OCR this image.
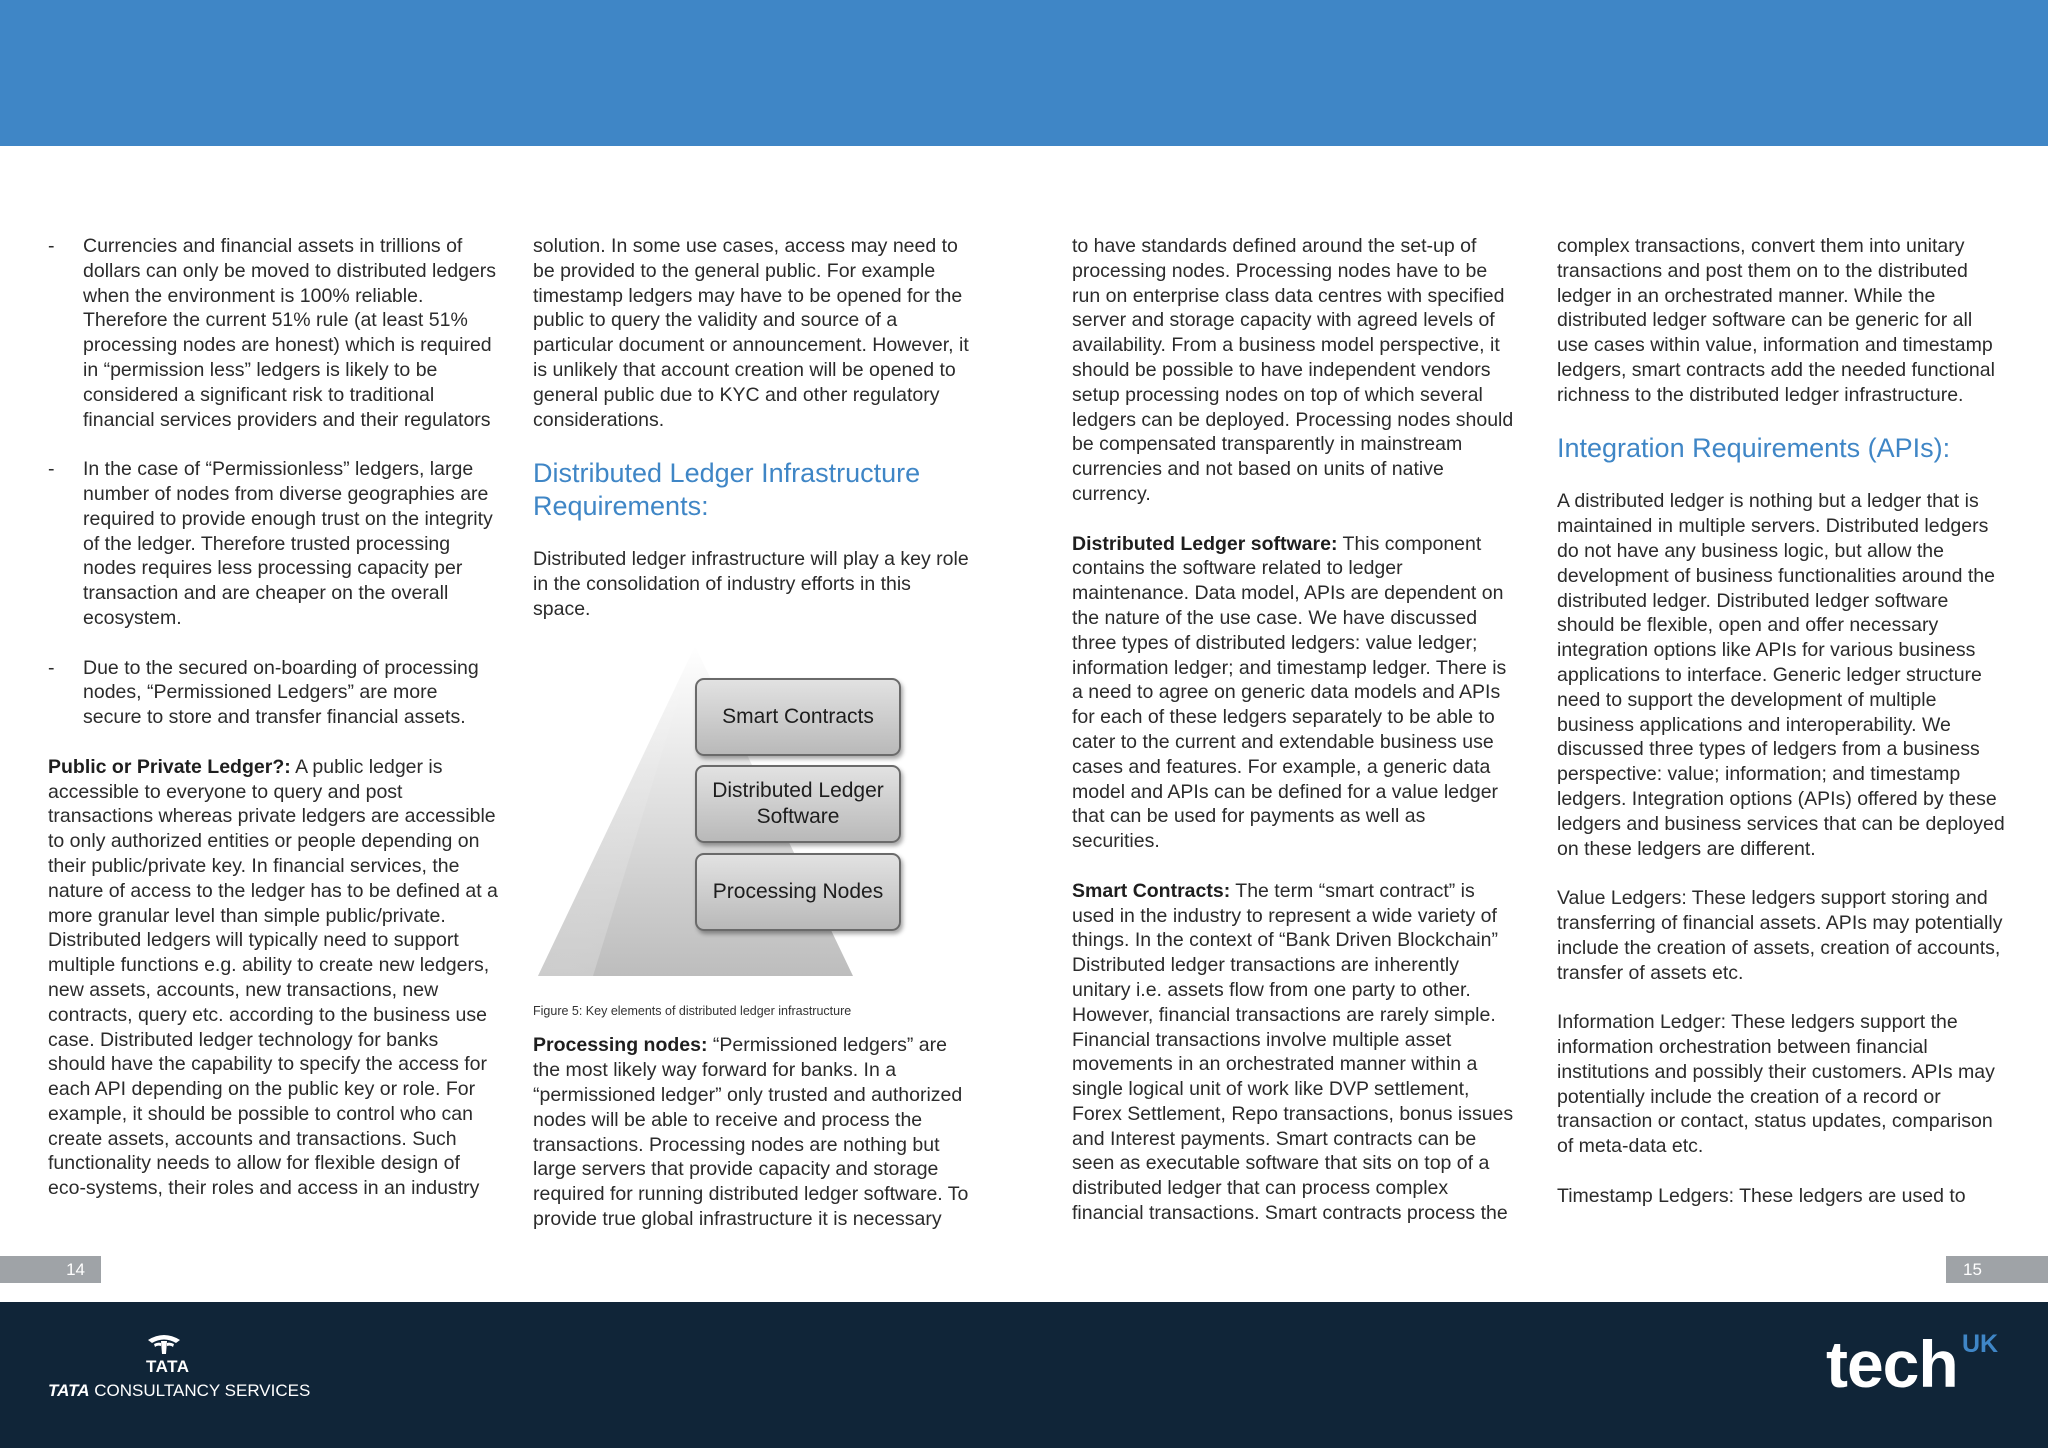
- Currencies and financial assets in trillions of dollars can only be moved to distributed ledgers when the environment is 100% reliable. Therefore the current 51% rule (at least 51% processing nodes are honest) which is required in “permission less” ledgers is likely to be considered a significant risk to traditional financial services providers and their regulators
- In the case of “Permissionless” ledgers, large number of nodes from diverse geographies are required to provide enough trust on the integrity of the ledger. Therefore trusted processing nodes requires less processing capacity per transaction and are cheaper on the overall ecosystem.
- Due to the secured on-boarding of processing nodes, “Permissioned Ledgers” are more secure to store and transfer financial assets.

Public or Private Ledger?: A public ledger is accessible to everyone to query and post transactions whereas private ledgers are accessible to only authorized entities or people depending on their public/private key. In financial services, the nature of access to the ledger has to be defined at a more granular level than simple public/private. Distributed ledgers will typically need to support multiple functions e.g. ability to create new ledgers, new assets, accounts, new transactions, new contracts, query etc. according to the business use case. Distributed ledger technology for banks should have the capability to specify the access for each API depending on the public key or role. For example, it should be possible to control who can create assets, accounts and transactions. Such functionality needs to allow for flexible design of eco-systems, their roles and access in an industry

solution. In some use cases, access may need to be provided to the general public. For example timestamp ledgers may have to be opened for the public to query the validity and source of a particular document or announcement. However, it is unlikely that account creation will be opened to general public due to KYC and other regulatory considerations.

Distributed Ledger Infrastructure Requirements:

Distributed ledger infrastructure will play a key role in the consolidation of industry efforts in this space.

Smart Contracts
Distributed Ledger Software
Processing Nodes

Figure 5: Key elements of distributed ledger infrastructure

Processing nodes: “Permissioned ledgers” are the most likely way forward for banks. In a “permissioned ledger” only trusted and authorized nodes will be able to receive and process the transactions. Processing nodes are nothing but large servers that provide capacity and storage required for running distributed ledger software. To provide true global infrastructure it is necessary

to have standards defined around the set-up of processing nodes. Processing nodes have to be run on enterprise class data centres with specified server and storage capacity with agreed levels of availability. From a business model perspective, it should be possible to have independent vendors setup processing nodes on top of which several ledgers can be deployed. Processing nodes should be compensated transparently in mainstream currencies and not based on units of native currency.

Distributed Ledger software: This component contains the software related to ledger maintenance. Data model, APIs are dependent on the nature of the use case. We have discussed three types of distributed ledgers: value ledger; information ledger; and timestamp ledger. There is a need to agree on generic data models and APIs for each of these ledgers separately to be able to cater to the current and extendable business use cases and features. For example, a generic data model and APIs can be defined for a value ledger that can be used for payments as well as securities.

Smart Contracts: The term “smart contract” is used in the industry to represent a wide variety of things. In the context of “Bank Driven Blockchain” Distributed ledger transactions are inherently unitary i.e. assets flow from one party to other. However, financial transactions are rarely simple. Financial transactions involve multiple asset movements in an orchestrated manner within a single logical unit of work like DVP settlement, Forex Settlement, Repo transactions, bonus issues and Interest payments. Smart contracts can be seen as executable software that sits on top of a distributed ledger that can process complex financial transactions. Smart contracts process the

complex transactions, convert them into unitary transactions and post them on to the distributed ledger in an orchestrated manner. While the distributed ledger software can be generic for all use cases within value, information and timestamp ledgers, smart contracts add the needed functional richness to the distributed ledger infrastructure.

Integration Requirements (APIs):

A distributed ledger is nothing but a ledger that is maintained in multiple servers. Distributed ledgers do not have any business logic, but allow the development of business functionalities around the distributed ledger. Distributed ledger software should be flexible, open and offer necessary integration options like APIs for various business applications to interface. Generic ledger structure need to support the development of multiple business applications and interoperability. We discussed three types of ledgers from a business perspective: value; information; and timestamp ledgers. Integration options (APIs) offered by these ledgers and business services that can be deployed on these ledgers are different.

Value Ledgers: These ledgers support storing and transferring of financial assets. APIs may potentially include the creation of assets, creation of accounts, transfer of assets etc.

Information Ledger: These ledgers support the information orchestration between financial institutions and possibly their customers. APIs may potentially include the creation of a record or transaction or contact, status updates, comparison of meta-data etc.

Timestamp Ledgers: These ledgers are used to

14	15
TATA
TATA CONSULTANCY SERVICES	tech UK
